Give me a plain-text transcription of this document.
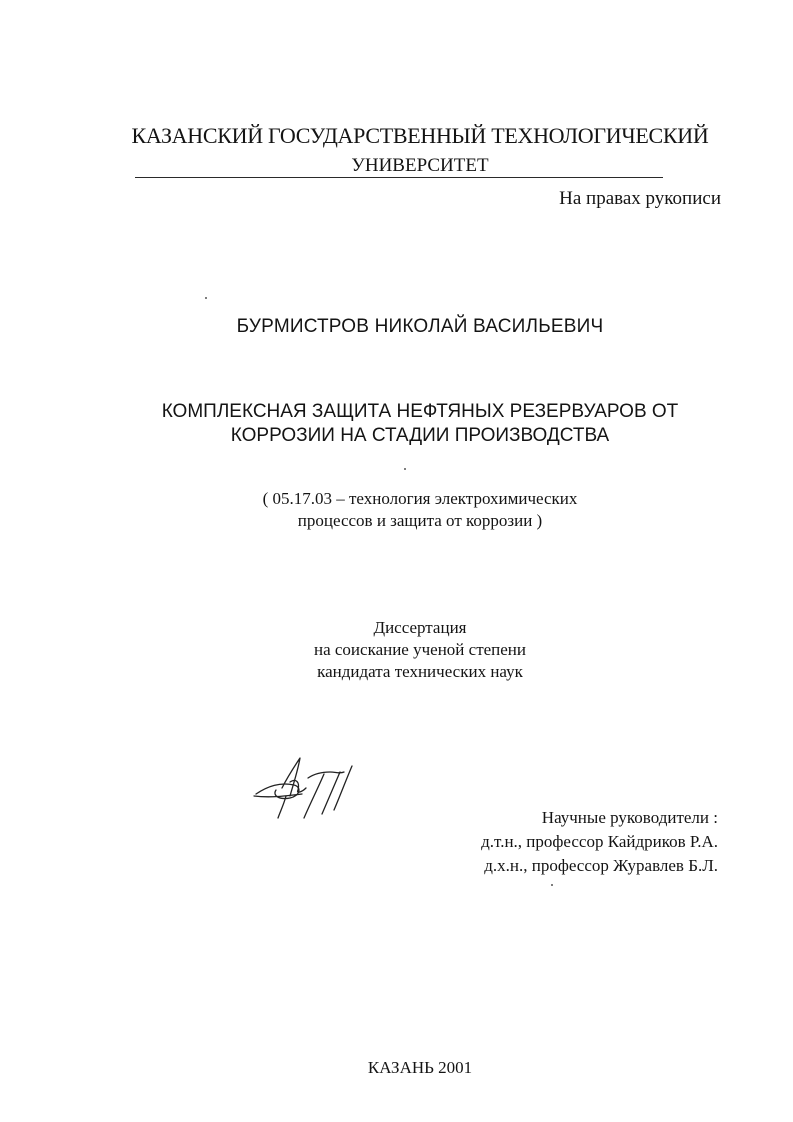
КАЗАНСКИЙ ГОСУДАРСТВЕННЫЙ ТЕХНОЛОГИЧЕСКИЙ
УНИВЕРСИТЕТ
На правах рукописи
БУРМИСТРОВ НИКОЛАЙ ВАСИЛЬЕВИЧ
КОМПЛЕКСНАЯ ЗАЩИТА НЕФТЯНЫХ РЕЗЕРВУАРОВ ОТ
КОРРОЗИИ НА СТАДИИ ПРОИЗВОДСТВА
( 05.17.03 – технология электрохимических
процессов и защита от коррозии )
Диссертация
на соискание ученой степени
кандидата технических наук
Научные руководители :
д.т.н., профессор Кайдриков Р.А.
д.х.н., профессор Журавлев Б.Л.
КАЗАНЬ 2001
